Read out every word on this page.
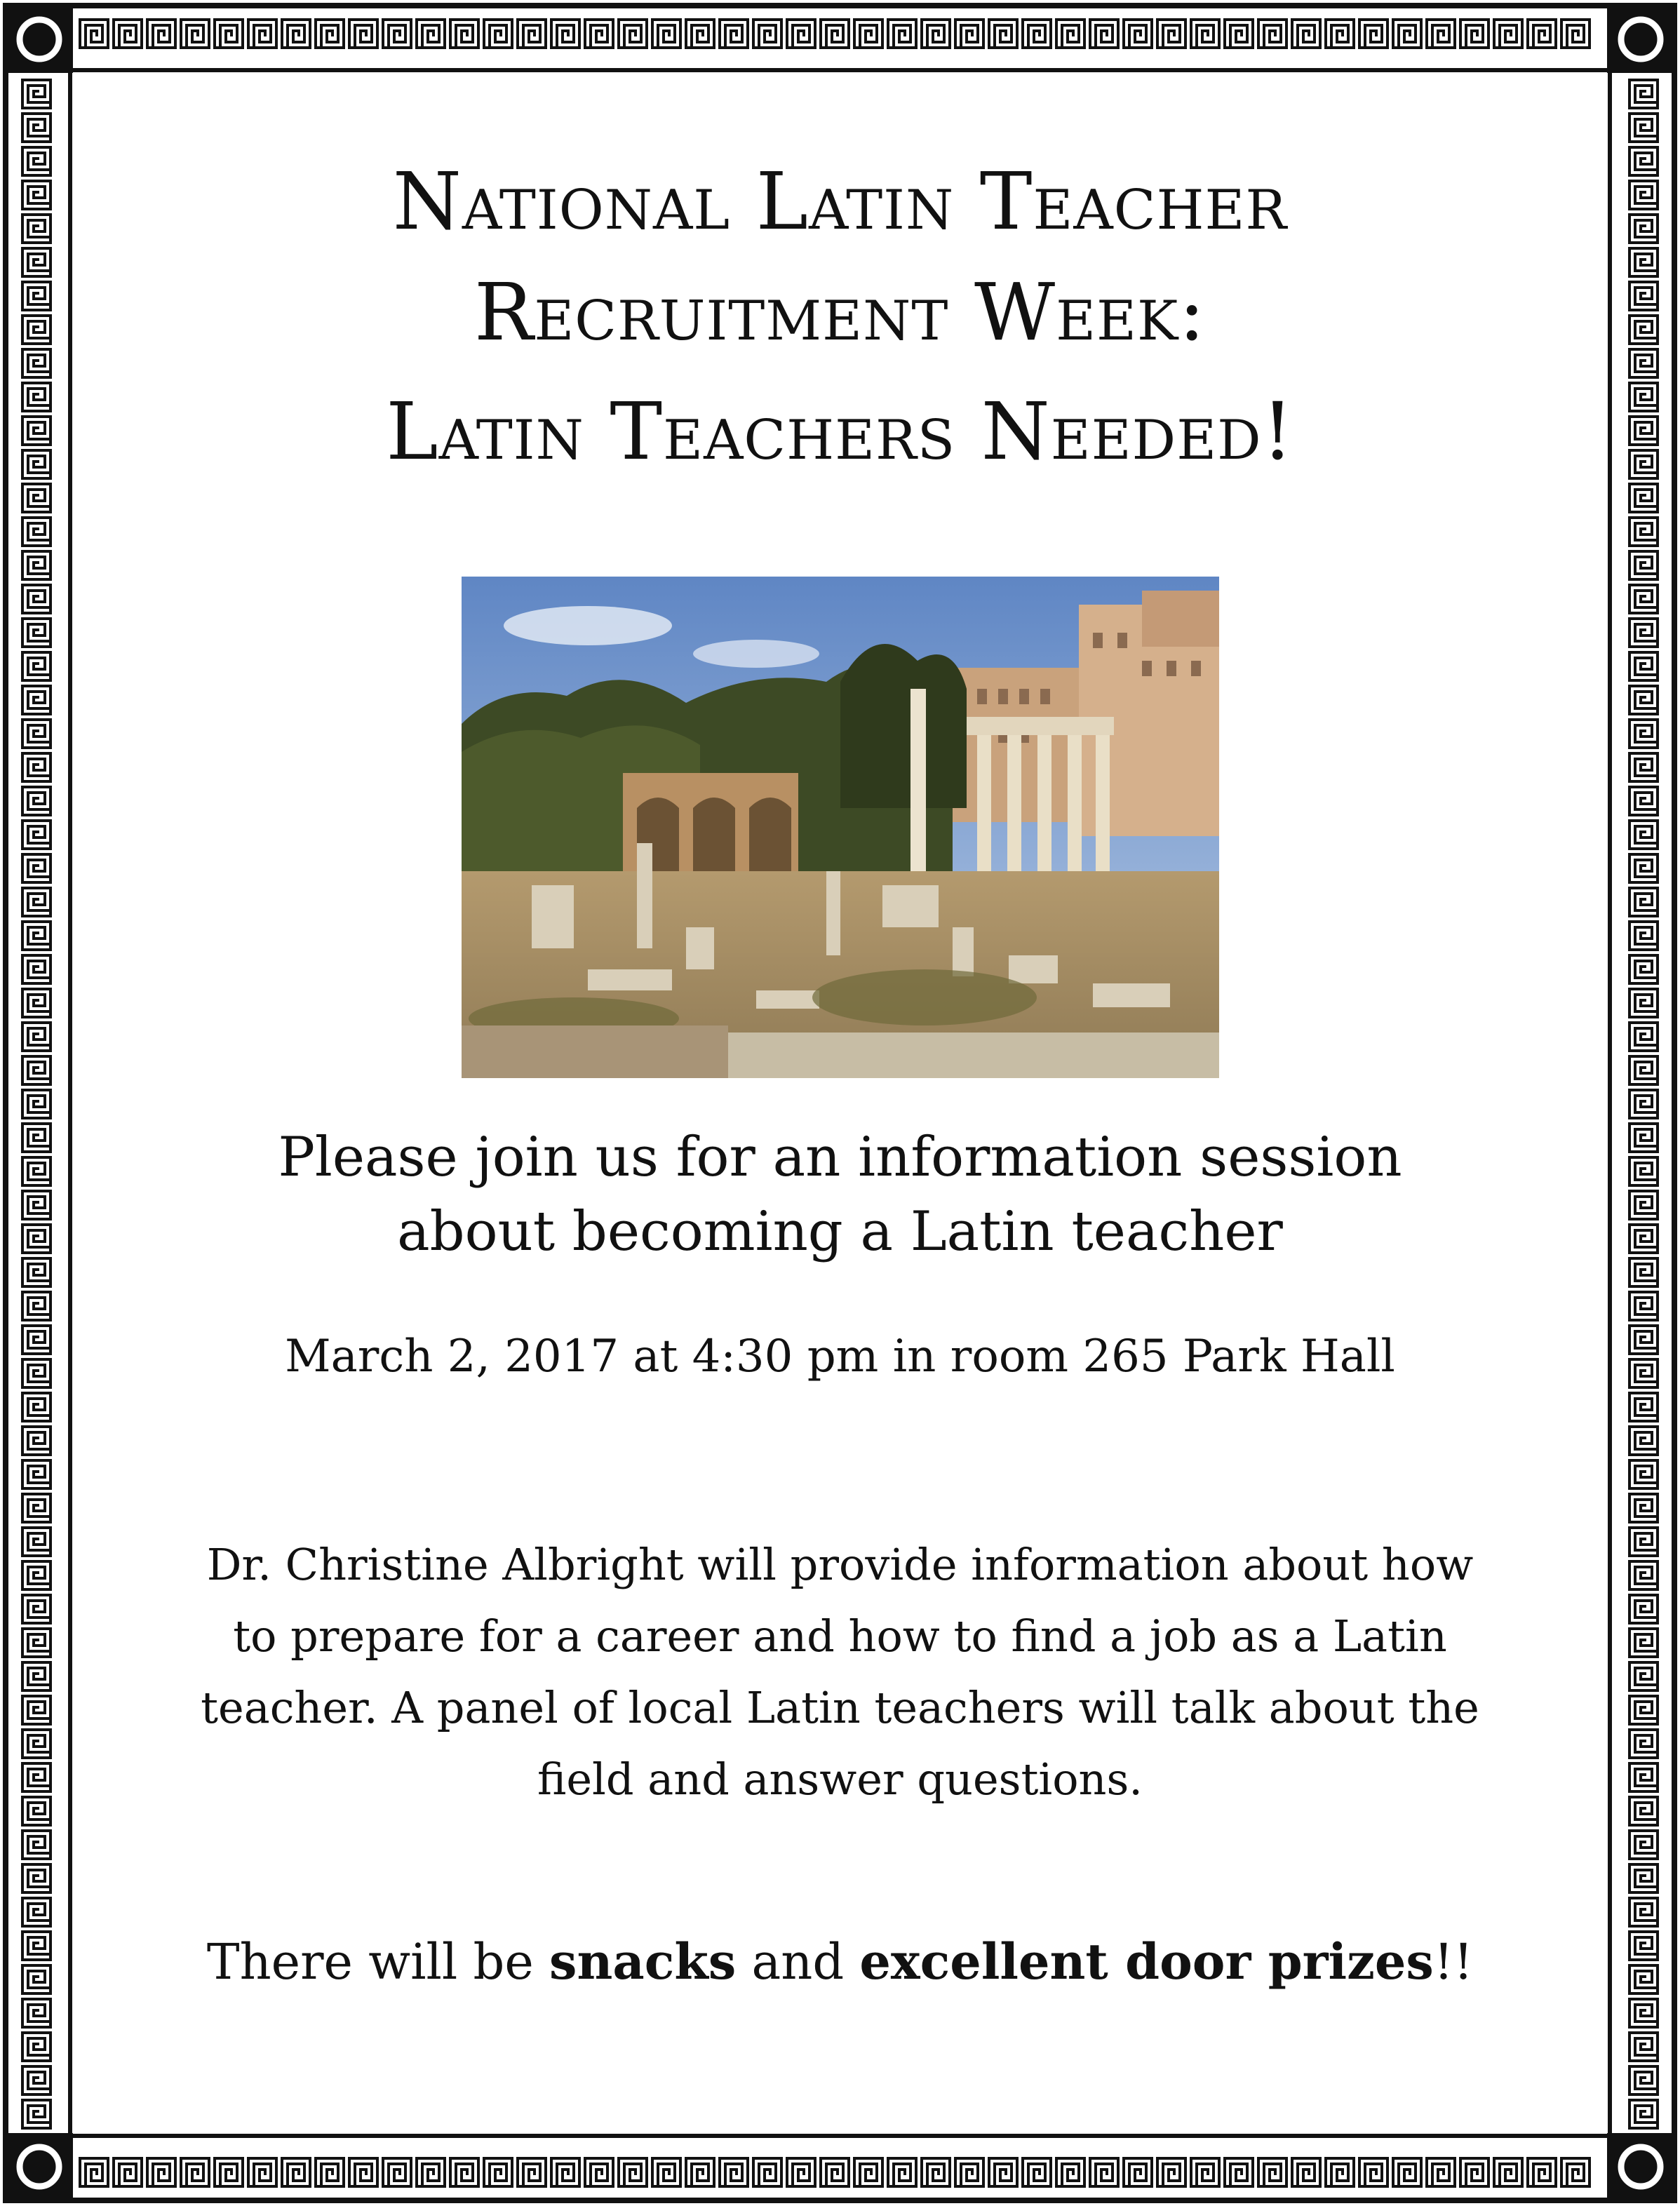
National Latin Teacher
Recruitment Week:
Latin Teachers Needed!
Please join us for an information session
about becoming a Latin teacher
March 2, 2017 at 4:30 pm in room 265 Park Hall
Dr. Christine Albright will provide information about how
to prepare for a career and how to find a job as a Latin
teacher. A panel of local Latin teachers will talk about the
field and answer questions.
There will be snacks and excellent door prizes!!
